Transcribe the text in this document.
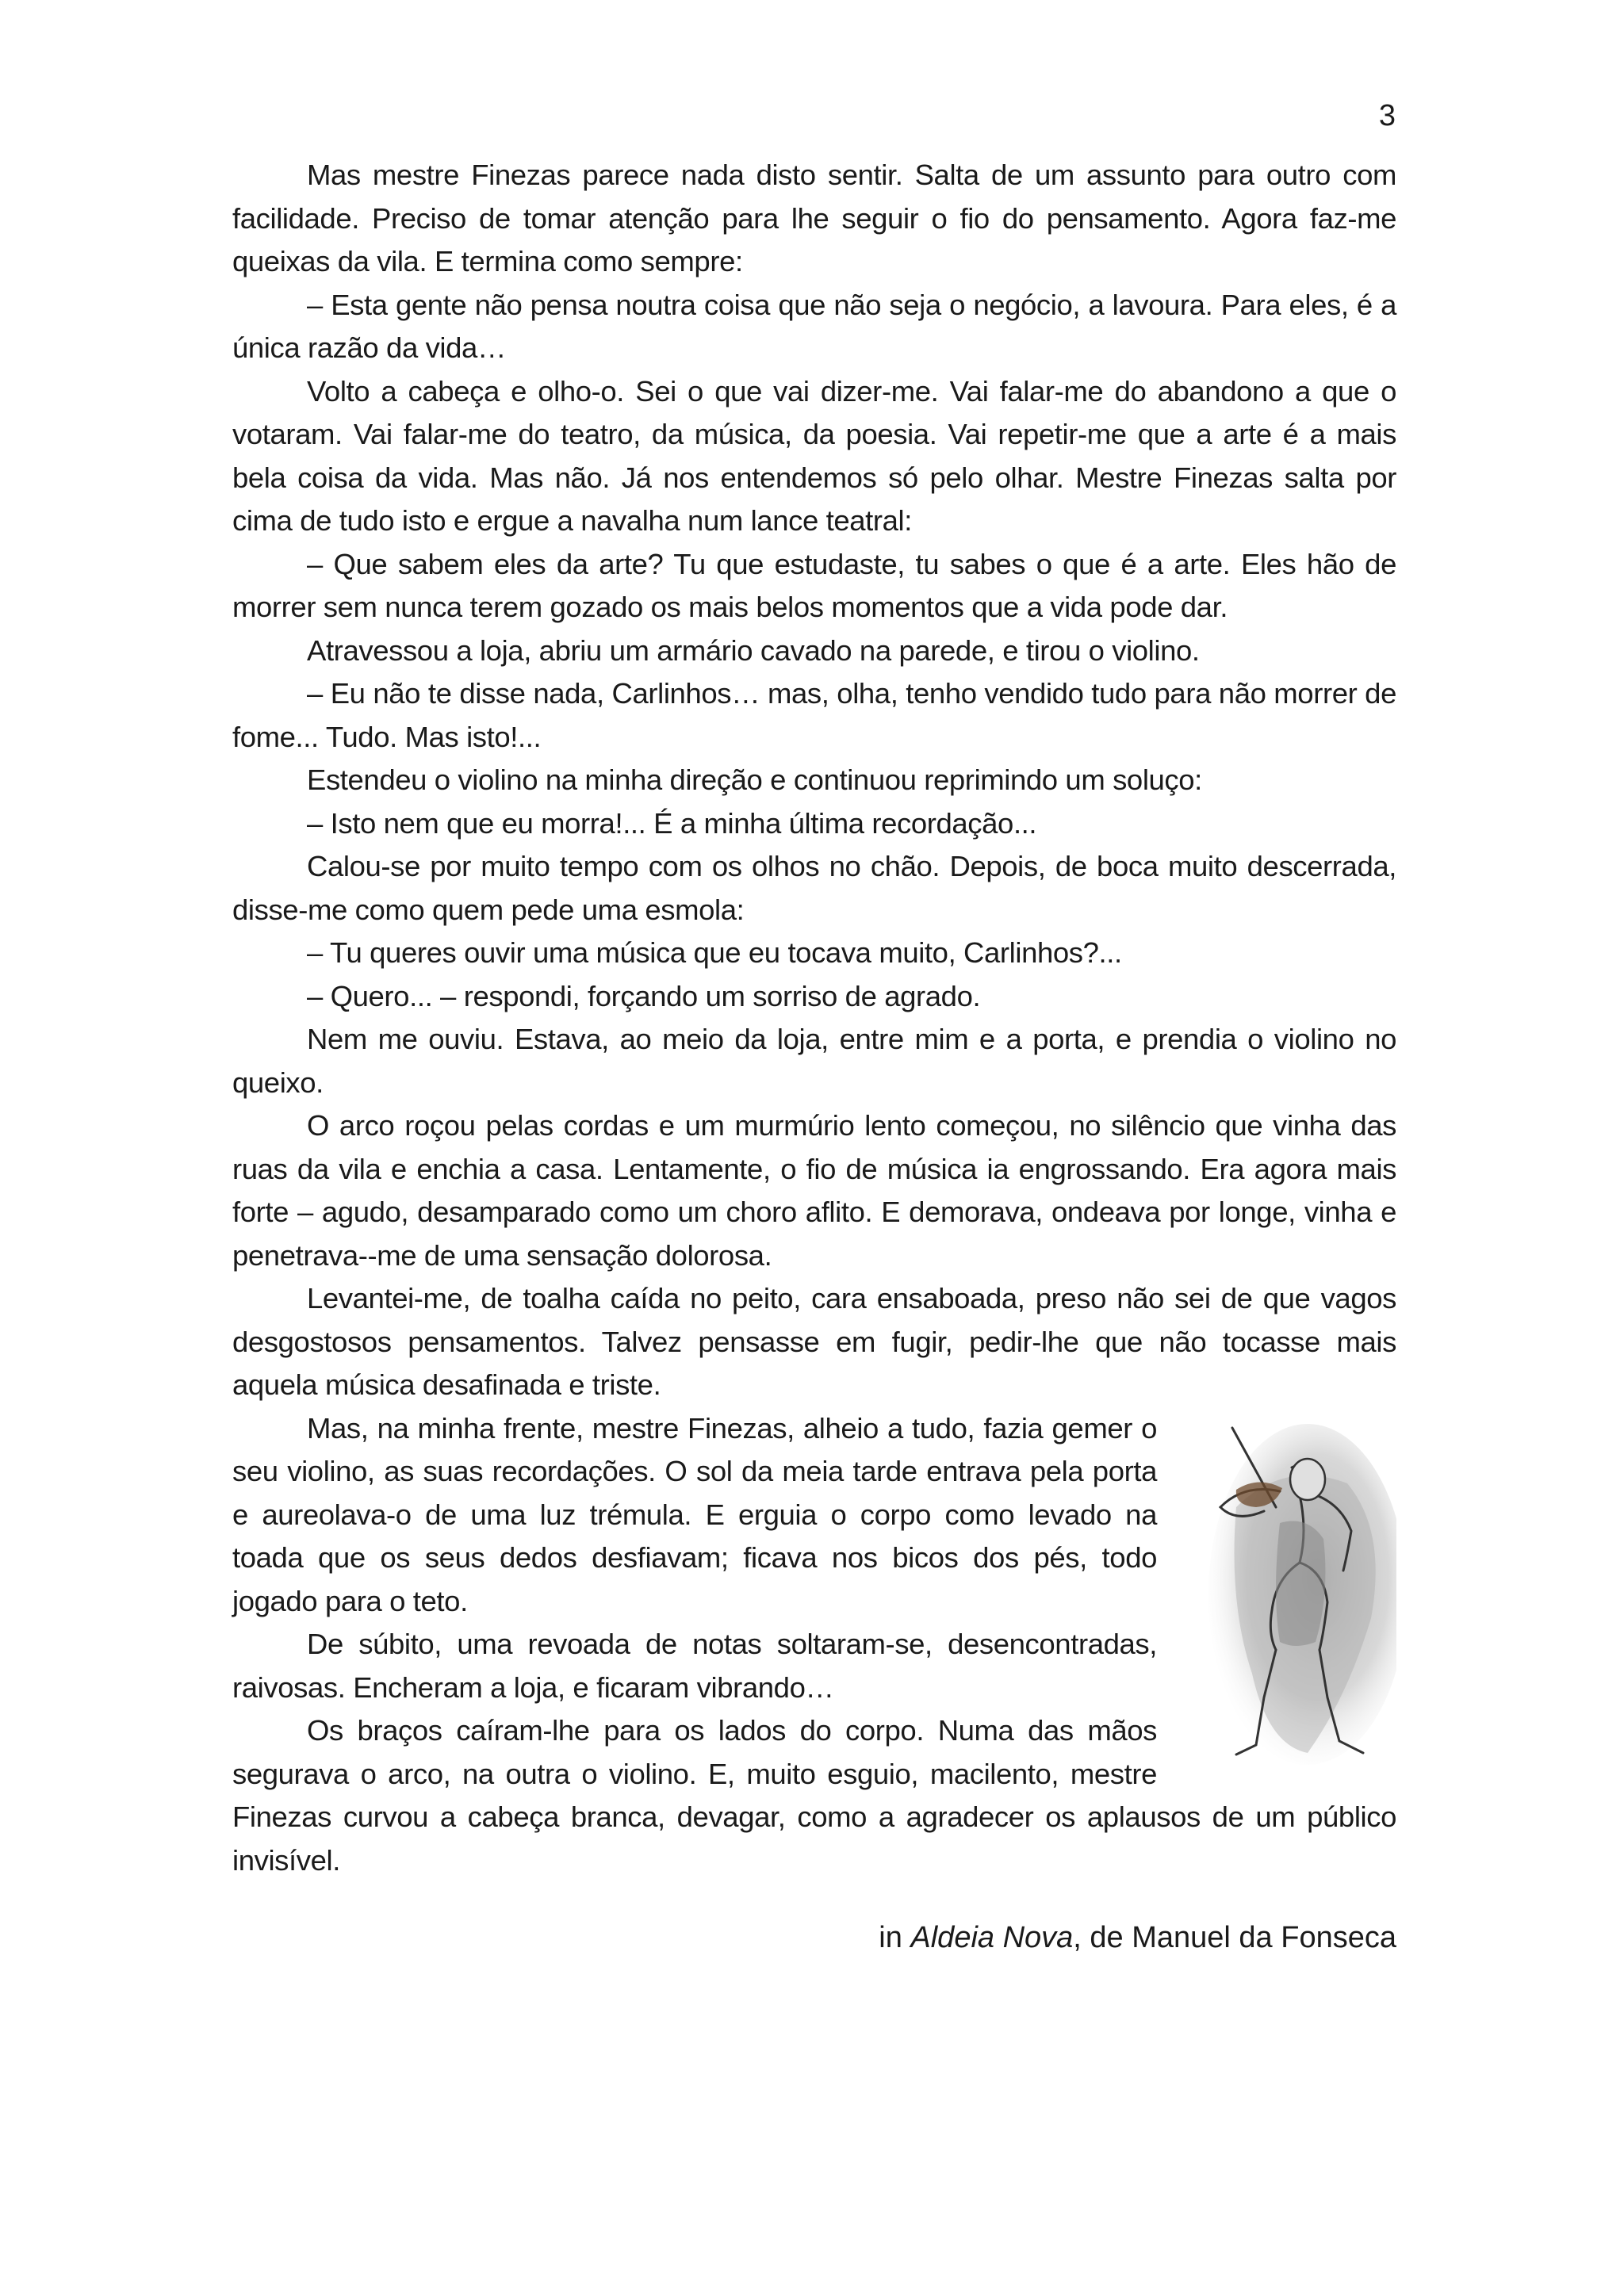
3

Mas mestre Finezas parece nada disto sentir. Salta de um assunto para outro com facilidade. Preciso de tomar atenção para lhe seguir o fio do pensamento. Agora faz-me queixas da vila. E termina como sempre:

– Esta gente não pensa noutra coisa que não seja o negócio, a lavoura. Para eles, é a única razão da vida…

Volto a cabeça e olho-o. Sei o que vai dizer-me. Vai falar-me do abandono a que o votaram. Vai falar-me do teatro, da música, da poesia. Vai repetir-me que a arte é a mais bela coisa da vida. Mas não. Já nos entendemos só pelo olhar. Mestre Finezas salta por cima de tudo isto e ergue a navalha num lance teatral:

– Que sabem eles da arte? Tu que estudaste, tu sabes o que é a arte. Eles hão de morrer sem nunca terem gozado os mais belos momentos que a vida pode dar.

Atravessou a loja, abriu um armário cavado na parede, e tirou o violino.

– Eu não te disse nada, Carlinhos… mas, olha, tenho vendido tudo para não morrer de fome... Tudo. Mas isto!...

Estendeu o violino na minha direção e continuou reprimindo um soluço:

– Isto nem que eu morra!... É a minha última recordação...

Calou-se por muito tempo com os olhos no chão. Depois, de boca muito descerrada, disse-me como quem pede uma esmola:

– Tu queres ouvir uma música que eu tocava muito, Carlinhos?...

– Quero... – respondi, forçando um sorriso de agrado.

Nem me ouviu. Estava, ao meio da loja, entre mim e a porta, e prendia o violino no queixo.

O arco roçou pelas cordas e um murmúrio lento começou, no silêncio que vinha das ruas da vila e enchia a casa. Lentamente, o fio de música ia engrossando. Era agora mais forte – agudo, desamparado como um choro aflito. E demorava, ondeava por longe, vinha e penetrava--me de uma sensação dolorosa.

Levantei-me, de toalha caída no peito, cara ensaboada, preso não sei de que vagos desgostosos pensamentos. Talvez pensasse em fugir, pedir-lhe que não tocasse mais aquela música desafinada e triste.

Mas, na minha frente, mestre Finezas, alheio a tudo, fazia gemer o seu violino, as suas recordações. O sol da meia tarde entrava pela porta e aureolava-o de uma luz trémula. E erguia o corpo como levado na toada que os seus dedos desfiavam; ficava nos bicos dos pés, todo jogado para o teto.

De súbito, uma revoada de notas soltaram-se, desencontradas, raivosas. Encheram a loja, e ficaram vibrando…

Os braços caíram-lhe para os lados do corpo. Numa das mãos segurava o arco, na outra o violino. E, muito esguio, macilento, mestre Finezas curvou a cabeça branca, devagar, como a agradecer os aplausos de um público invisível.

in Aldeia Nova, de Manuel da Fonseca
